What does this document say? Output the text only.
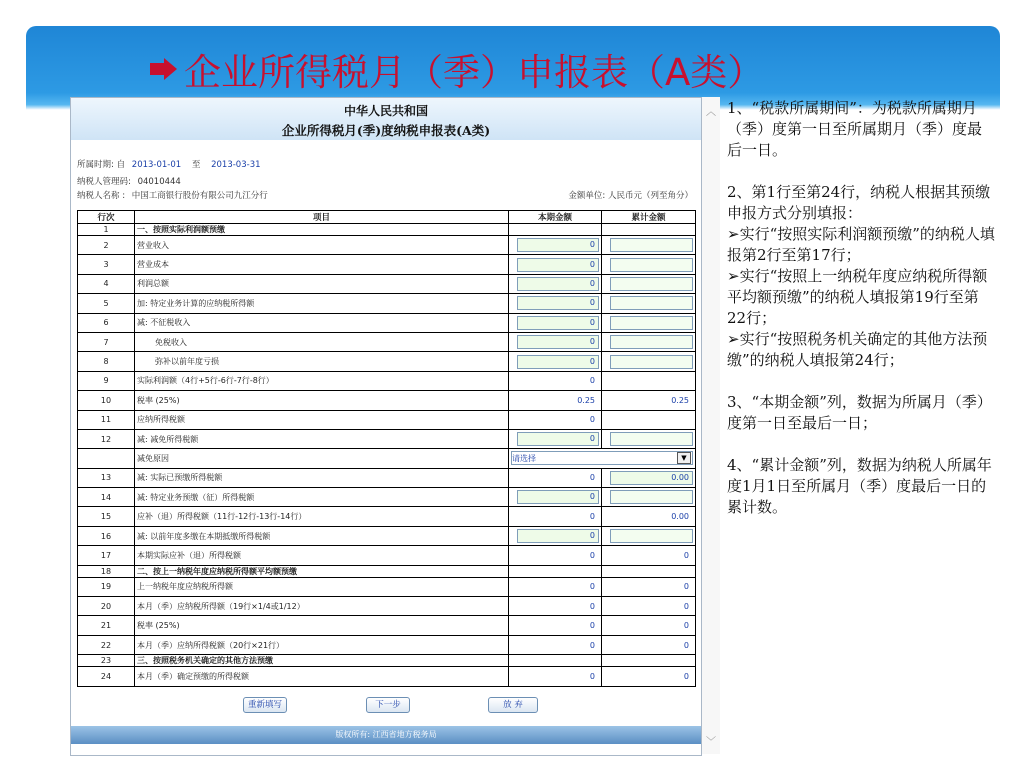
企业所得税月（季）申报表（A类）
中华人民共和国
企业所得税月(季)度纳税申报表(A类)
所属时期: 自 2013-01-01 至 2013-03-31
纳税人管理码: 04010444
纳税人名称 : 中国工商银行股份有限公司九江分行	金额单位: 人民币元（列至角分）
行次	项目	本期金额	累计金额
1	一、按照实际利润额预缴		
2	营业收入	0	

3	营业成本	0	

4	利润总额	0	

5	加: 特定业务计算的应纳税所得额	0	

6	减: 不征税收入	0	

7	免税收入	0	

8	弥补以前年度亏损	0	

9	实际利润额（4行+5行-6行-7行-8行）	0	
10	税率 (25%)	0.25	0.25
11	应纳所得税额	0	
12	减: 减免所得税额	0	

	减免原因	请选择 ▼	

13	减: 实际已预缴所得税额	0	0.00

14	减: 特定业务预缴（征）所得税额	0	

15	应补（退）所得税额（11行-12行-13行-14行）	0	0.00
16	减: 以前年度多缴在本期抵缴所得税额	0	

17	本期实际应补（退）所得税额	0	0
18	二、按上一纳税年度应纳税所得额平均额预缴		
19	上一纳税年度应纳税所得额	0	0
20	本月（季）应纳税所得额（19行×1/4或1/12）	0	0
21	税率 (25%)	0	0
22	本月（季）应纳所得税额（20行×21行）	0	0
23	三、按照税务机关确定的其他方法预缴		
24	本月（季）确定预缴的所得税额	0	0
重新填写	下一步	放 弃
版权所有: 江西省地方税务局
︿
﹀

1、“税款所属期间”：为税款所属期月（季）度第一日至所属期月（季）度最后一日。

2、第1行至第24行，纳税人根据其预缴申报方式分别填报：

➢实行“按照实际利润额预缴”的纳税人填报第2行至第17行；

➢实行“按照上一纳税年度应纳税所得额平均额预缴”的纳税人填报第19行至第22行；

➢实行“按照税务机关确定的其他方法预缴”的纳税人填报第24行；

3、“本期金额”列，数据为所属月（季）度第一日至最后一日；

4、“累计金额”列，数据为纳税人所属年度1月1日至所属月（季）度最后一日的累计数。
